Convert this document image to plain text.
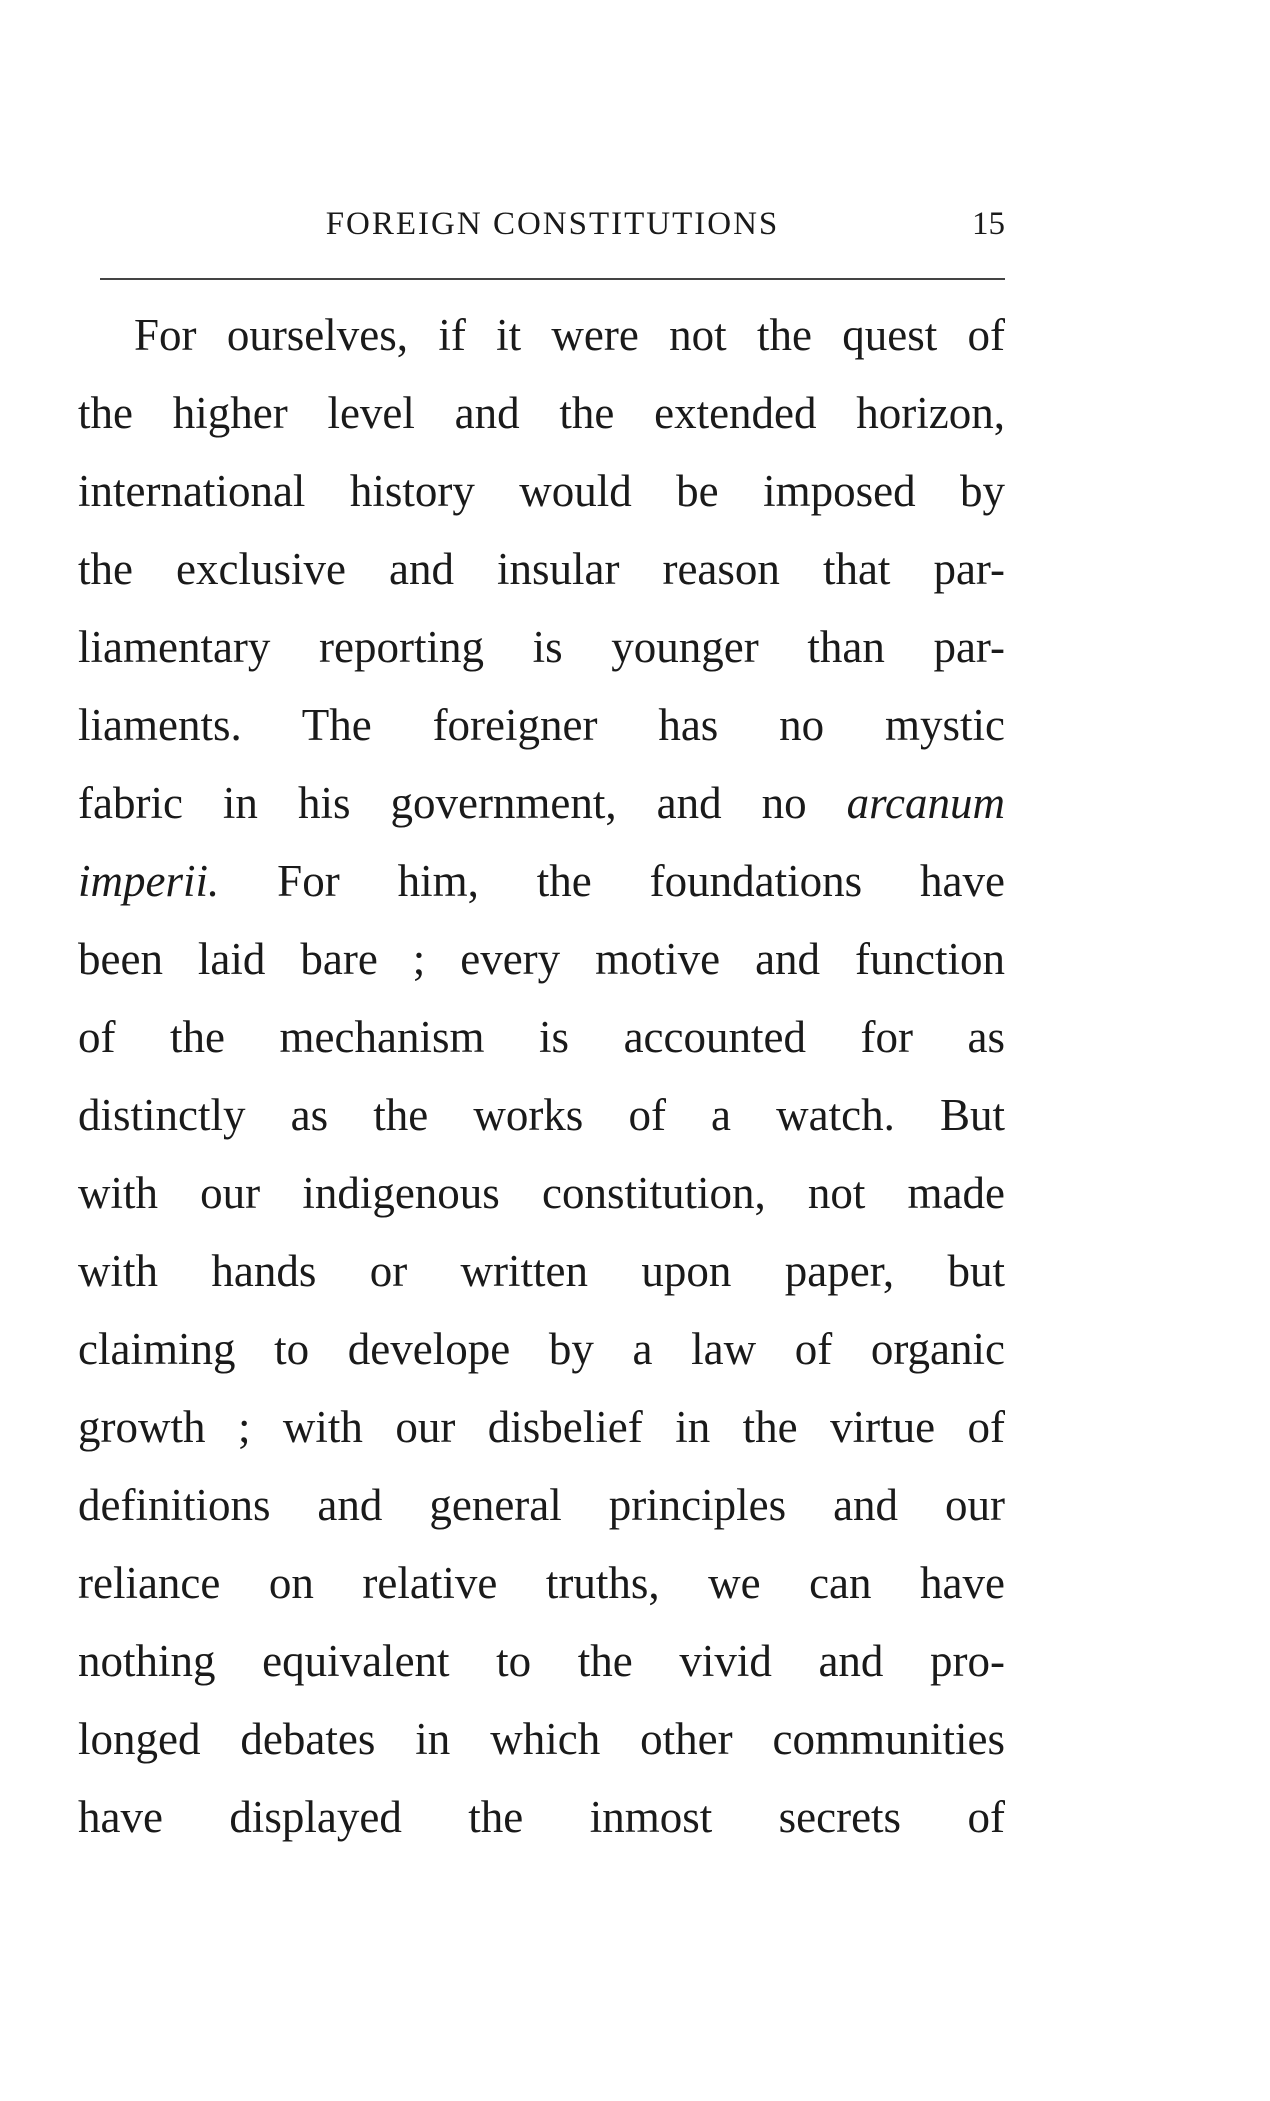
FOREIGN CONSTITUTIONS	15
For ourselves, if it were not the quest of
the higher level and the extended horizon,
international history would be imposed by
the exclusive and insular reason that par-
liamentary reporting is younger than par-
liaments. The foreigner has no mystic
fabric in his government, and no arcanum
imperii. For him, the foundations have
been laid bare ; every motive and function
of the mechanism is accounted for as
distinctly as the works of a watch. But
with our indigenous constitution, not made
with hands or written upon paper, but
claiming to develope by a law of organic
growth ; with our disbelief in the virtue of
definitions and general principles and our
reliance on relative truths, we can have
nothing equivalent to the vivid and pro-
longed debates in which other communities
have displayed the inmost secrets of
